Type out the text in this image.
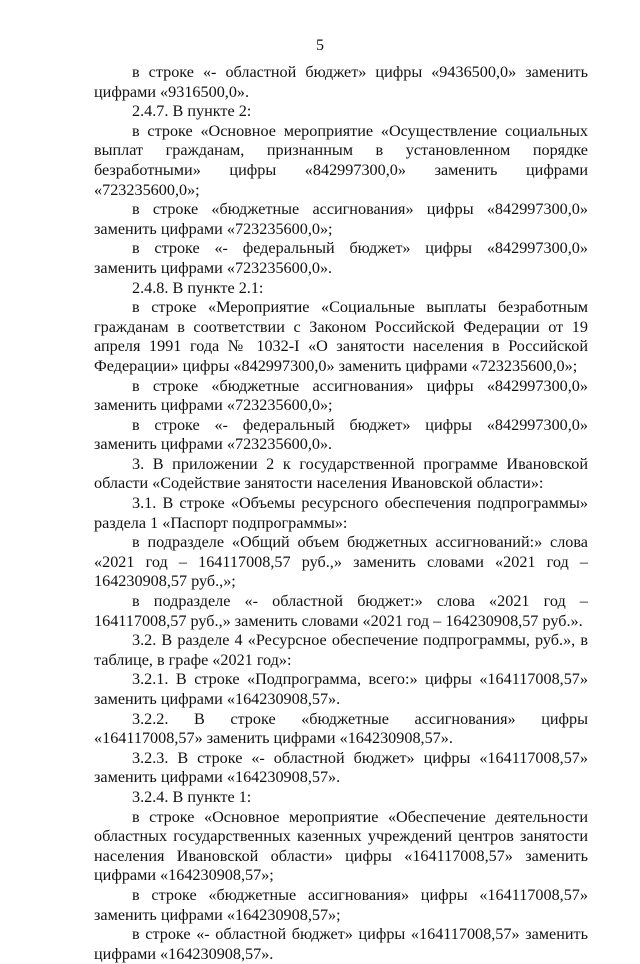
5

в строке «- областной бюджет» цифры «9436500,0» заменить цифрами «9316500,0».

2.4.7. В пункте 2:

в строке «Основное мероприятие «Осуществление социальных выплат гражданам, признанным в установленном порядке безработными» цифры «842997300,0» заменить цифрами «723235600,0»;

в строке «бюджетные ассигнования» цифры «842997300,0» заменить цифрами «723235600,0»;

в строке «- федеральный бюджет» цифры «842997300,0» заменить цифрами «723235600,0».

2.4.8. В пункте 2.1:

в строке «Мероприятие «Социальные выплаты безработным гражданам в соответствии с Законом Российской Федерации от 19 апреля 1991 года № 1032-I «О занятости населения в Российской Федерации» цифры «842997300,0» заменить цифрами «723235600,0»;

в строке «бюджетные ассигнования» цифры «842997300,0» заменить цифрами «723235600,0»;

в строке «- федеральный бюджет» цифры «842997300,0» заменить цифрами «723235600,0».

3. В приложении 2 к государственной программе Ивановской области «Содействие занятости населения Ивановской области»:

3.1. В строке «Объемы ресурсного обеспечения подпрограммы» раздела 1 «Паспорт подпрограммы»:

в подразделе «Общий объем бюджетных ассигнований:» слова «2021 год – 164117008,57 руб.,» заменить словами «2021 год – 164230908,57 руб.,»;

в подразделе «- областной бюджет:» слова «2021 год – 164117008,57 руб.,» заменить словами «2021 год – 164230908,57 руб.».

3.2. В разделе 4 «Ресурсное обеспечение подпрограммы, руб.», в таблице, в графе «2021 год»:

3.2.1. В строке «Подпрограмма, всего:» цифры «164117008,57» заменить цифрами «164230908,57».

3.2.2. В строке «бюджетные ассигнования» цифры «164117008,57» заменить цифрами «164230908,57».

3.2.3. В строке «- областной бюджет» цифры «164117008,57» заменить цифрами «164230908,57».

3.2.4. В пункте 1:

в строке «Основное мероприятие «Обеспечение деятельности областных государственных казенных учреждений центров занятости населения Ивановской области» цифры «164117008,57» заменить цифрами «164230908,57»;

в строке «бюджетные ассигнования» цифры «164117008,57» заменить цифрами «164230908,57»;

в строке «- областной бюджет» цифры «164117008,57» заменить цифрами «164230908,57».
